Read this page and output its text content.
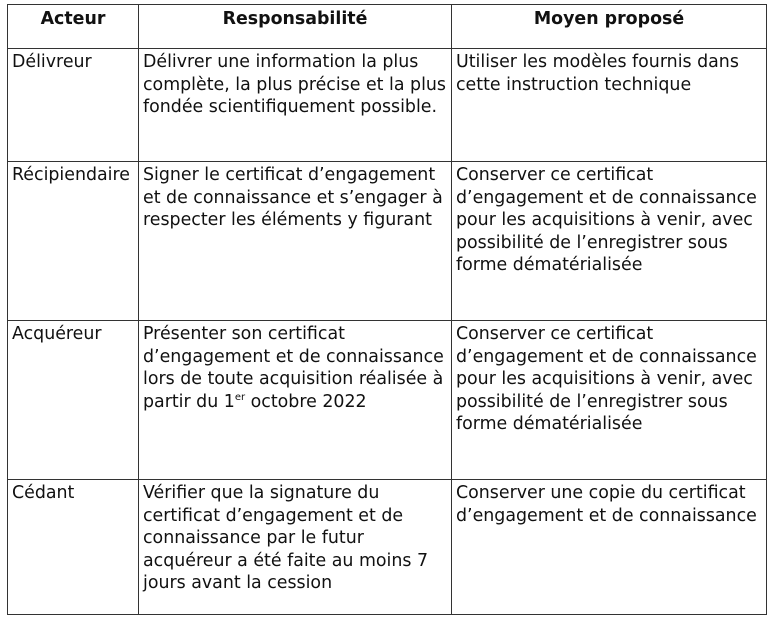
Acteur	Responsabilité	Moyen proposé
Délivreur	Délivrer une information la plus complète, la plus précise et la plus fondée scientifiquement possible.	Utiliser les modèles fournis dans cette instruction technique
Récipiendaire	Signer le certificat d’engagement et de connaissance et s’engager à respecter les éléments y figurant	Conserver ce certificat d’engagement et de connaissance pour les acquisitions à venir, avec possibilité de l’enregistrer sous forme dématérialisée
Acquéreur	Présenter son certificat d’engagement et de connaissance lors de toute acquisition réalisée à partir du 1er octobre 2022	Conserver ce certificat d’engagement et de connaissance pour les acquisitions à venir, avec possibilité de l’enregistrer sous forme dématérialisée
Cédant	Vérifier que la signature du certificat d’engagement et de connaissance par le futur acquéreur a été faite au moins 7 jours avant la cession	Conserver une copie du certificat d’engagement et de connaissance
